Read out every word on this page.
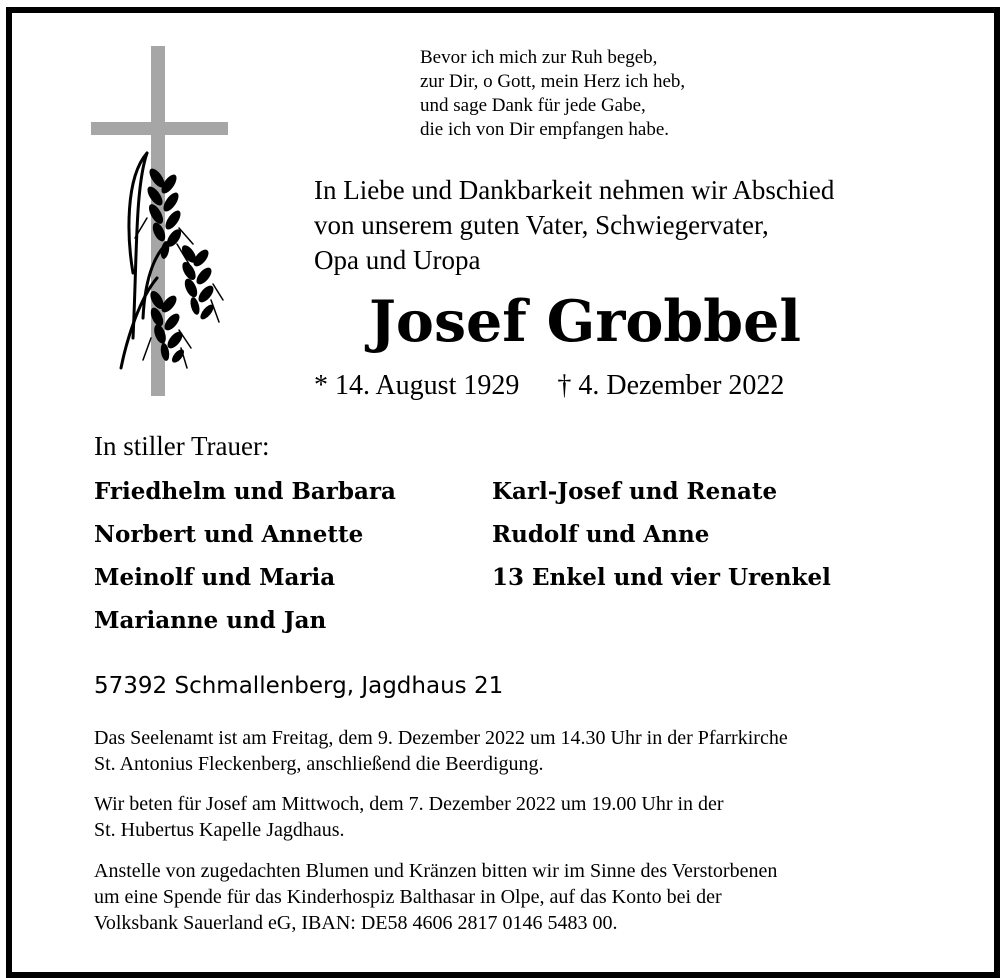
Bevor ich mich zur Ruh begeb,
zur Dir, o Gott, mein Herz ich heb,
und sage Dank für jede Gabe,
die ich von Dir empfangen habe.
In Liebe und Dankbarkeit nehmen wir Abschied
von unserem guten Vater, Schwiegervater,
Opa und Uropa
Josef Grobbel
* 14. August 1929 † 4. Dezember 2022
In stiller Trauer:
Friedhelm und Barbara
Norbert und Annette
Meinolf und Maria
Marianne und Jan
Karl-Josef und Renate
Rudolf und Anne
13 Enkel und vier Urenkel
57392 Schmallenberg, Jagdhaus 21
Das Seelenamt ist am Freitag, dem 9. Dezember 2022 um 14.30 Uhr in der Pfarrkirche
St. Antonius Fleckenberg, anschließend die Beerdigung.
Wir beten für Josef am Mittwoch, dem 7. Dezember 2022 um 19.00 Uhr in der
St. Hubertus Kapelle Jagdhaus.
Anstelle von zugedachten Blumen und Kränzen bitten wir im Sinne des Verstorbenen
um eine Spende für das Kinderhospiz Balthasar in Olpe, auf das Konto bei der
Volksbank Sauerland eG, IBAN: DE58 4606 2817 0146 5483 00.
